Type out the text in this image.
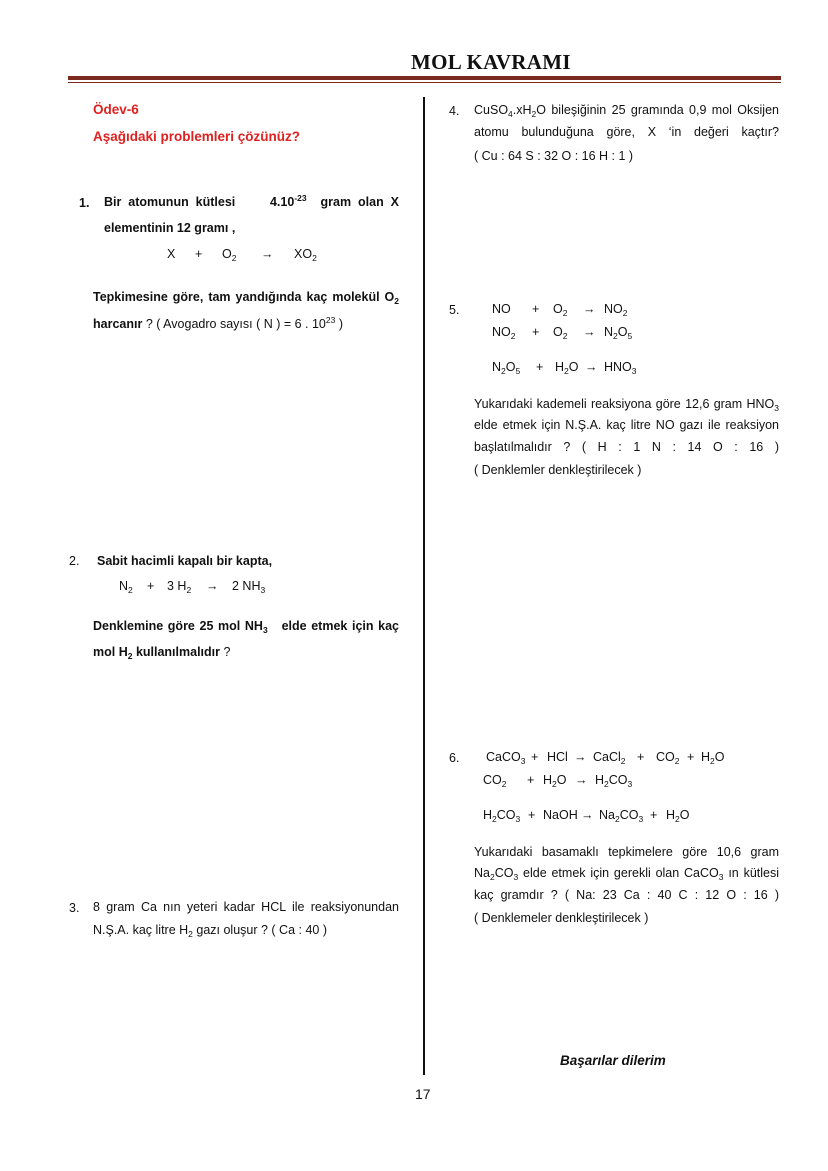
MOL KAVRAMI
Ödev-6
Aşağıdaki problemleri çözünüz?
1. Bir atomunun kütlesi	$4.10^{-23}$ gram olan X
elementinin 12 gramı ,
$X + O_2 \to XO_2$
Tepkimesine göre, tam yandığında kaç molekül $O_2$
harcanır ? ( Avogadro sayısı ( N ) = 6 . $10^{23}$ )
2. Sabit hacimli kapalı bir kapta,
$N_2 + 3$ $H_2 \to 2$ $NH_3$
Denklemine göre 25 mol $NH_3$ elde etmek için kaç
mol $H_2$ kullanılmalıdır ?
3. 8 gram Ca nın yeteri kadar HCL ile reaksiyonundan
N.Ş.A. kaç litre $H_2$ gazı oluşur ? ( Ca : 40 )
4. $CuSO_4.xH_2O$ bileşiğinin 25 gramında 0,9 mol Oksijen
atomu bulunduğuna göre, X ‘in değeri kaçtır?
( Cu : 64 S : 32 O : 16 H : 1 )
5.	NO + $O_2 \to NO_2$
$NO_2 + O_2 \to N_2O_5$
$N_2O_5 + H_2O \to HNO_3$
Yukarıdaki kademeli reaksiyona göre 12,6 gram $HNO_3$
elde etmek için N.Ş.A. kaç litre NO gazı ile reaksiyon
başlatılmalıdır ? ( H : 1 N : 14 O : 16 )
( Denklemler denkleştirilecek )
6. CaCO$_3$ + HCl → CaCl$_2$ + $CO_2 + H_2O$
$CO_2 + H_2O \to H_2CO_3$
$H_2CO_3$ + NaOH → $Na_2CO_3 + H_2O$
Yukarıdaki basamaklı tepkimelere göre 10,6 gram
$Na_2CO_3$ elde etmek için gerekli olan CaCO$_3$ ın kütlesi
kaç gramdır ? ( Na: 23 Ca : 40 C : 12 O : 16 )
( Denklemeler denkleştirilecek )
Başarılar dilerim
17
